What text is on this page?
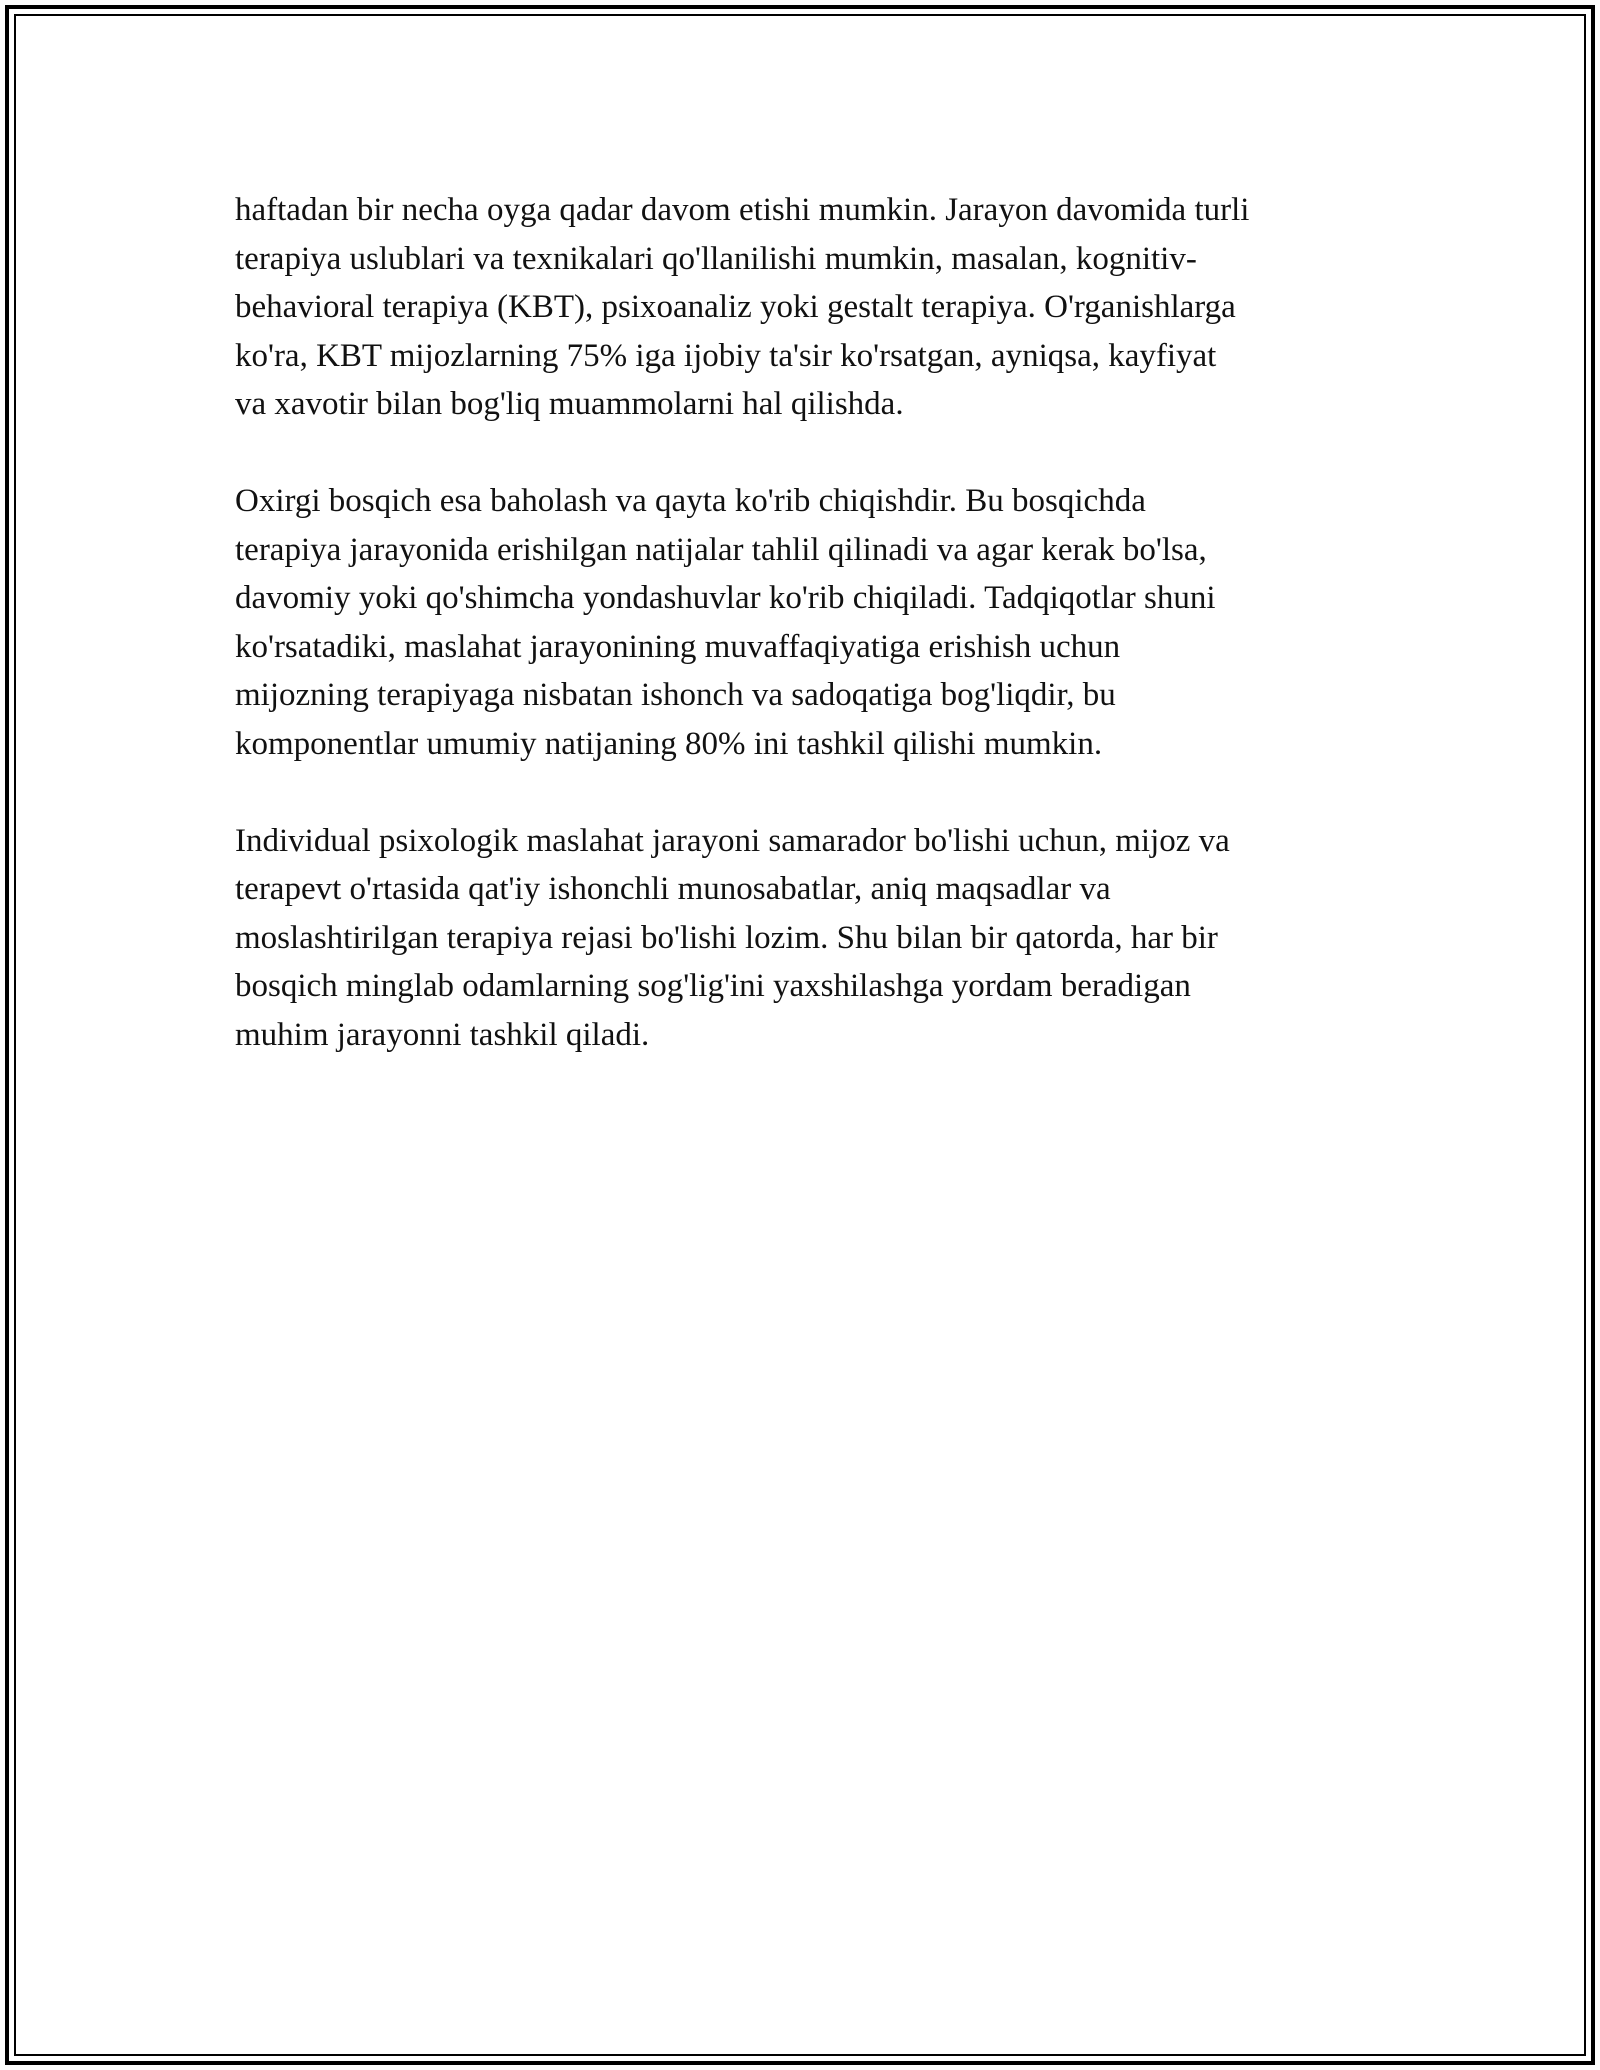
haftadan bir necha oyga qadar davom etishi mumkin. Jarayon davomida turli
terapiya uslublari va texnikalari qo'llanilishi mumkin, masalan, kognitiv-
behavioral terapiya (KBT), psixoanaliz yoki gestalt terapiya. O'rganishlarga
ko'ra, KBT mijozlarning 75% iga ijobiy ta'sir ko'rsatgan, ayniqsa, kayfiyat
va xavotir bilan bog'liq muammolarni hal qilishda.

Oxirgi bosqich esa baholash va qayta ko'rib chiqishdir. Bu bosqichda
terapiya jarayonida erishilgan natijalar tahlil qilinadi va agar kerak bo'lsa,
davomiy yoki qo'shimcha yondashuvlar ko'rib chiqiladi. Tadqiqotlar shuni
ko'rsatadiki, maslahat jarayonining muvaffaqiyatiga erishish uchun
mijozning terapiyaga nisbatan ishonch va sadoqatiga bog'liqdir, bu
komponentlar umumiy natijaning 80% ini tashkil qilishi mumkin.

Individual psixologik maslahat jarayoni samarador bo'lishi uchun, mijoz va
terapevt o'rtasida qat'iy ishonchli munosabatlar, aniq maqsadlar va
moslashtirilgan terapiya rejasi bo'lishi lozim. Shu bilan bir qatorda, har bir
bosqich minglab odamlarning sog'lig'ini yaxshilashga yordam beradigan
muhim jarayonni tashkil qiladi.
